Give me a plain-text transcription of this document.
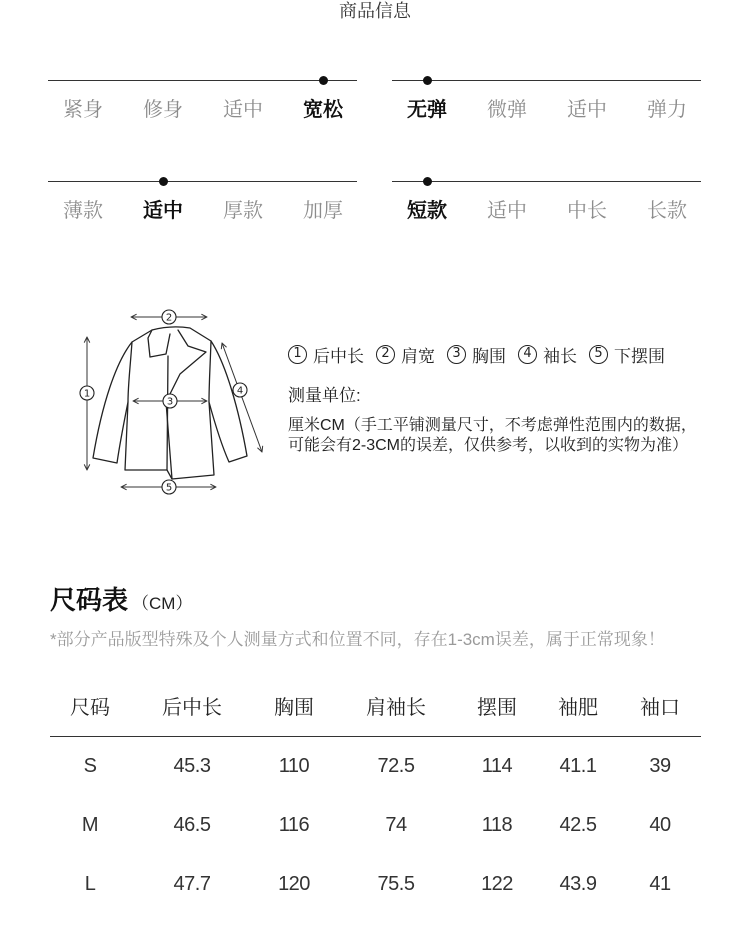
商品信息
紧身	修身	适中	宽松	无弹	微弹	适中	弹力
薄款	适中	厚款	加厚	短款	适中	中长	长款
1
2
3
4
5
1 后中长	2 肩宽	3 胸围	4 袖长	5 下摆围
测量单位:
厘米CM（手工平铺测量尺寸，不考虑弹性范围内的数据，
可能会有2-3CM的误差，仅供参考，以收到的实物为准）
尺码表 （CM）
*部分产品版型特殊及个人测量方式和位置不同，存在1-3cm误差，属于正常现象！
尺码	后中长	胸围	肩袖长	摆围	袖肥	袖口
S	45.3	110	72.5	114	41.1	39
M	46.5	116	74	118	42.5	40
L	47.7	120	75.5	122	43.9	41
